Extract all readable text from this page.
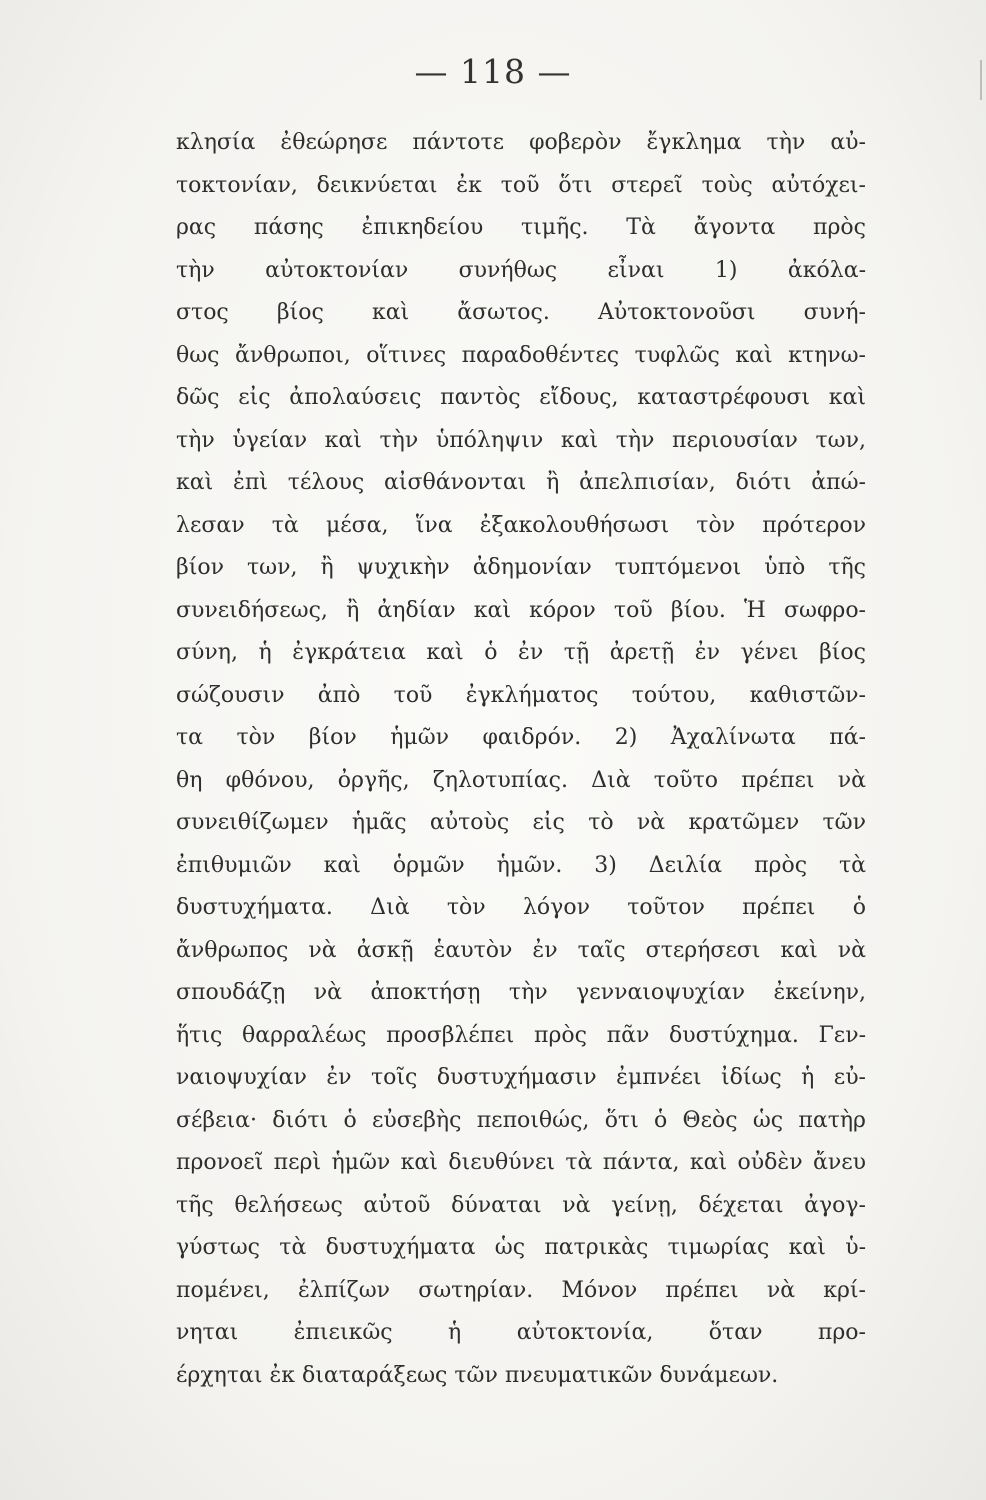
— 118 —
κλησία ἐθεώρησε πάντοτε φοβερὸν ἔγκλημα τὴν αὐ-
τοκτονίαν, δεικνύεται ἐκ τοῦ ὅτι στερεῖ τοὺς αὐτόχει-
ρας πάσης ἐπικηδείου τιμῆς. Τὰ ἄγοντα πρὸς
τὴν αὐτοκτονίαν συνήθως εἶναι 1) ἀκόλα-
στος βίος καὶ ἄσωτος. Αὐτοκτονοῦσι συνή-
θως ἄνθρωποι, οἵτινες παραδοθέντες τυφλῶς καὶ κτηνω-
δῶς εἰς ἀπολαύσεις παντὸς εἴδους, καταστρέφουσι καὶ
τὴν ὑγείαν καὶ τὴν ὑπόληψιν καὶ τὴν περιουσίαν των,
καὶ ἐπὶ τέλους αἰσθάνονται ἢ ἀπελπισίαν, διότι ἀπώ-
λεσαν τὰ μέσα, ἵνα ἐξακολουθήσωσι τὸν πρότερον
βίον των, ἢ ψυχικὴν ἀδημονίαν τυπτόμενοι ὑπὸ τῆς
συνειδήσεως, ἢ ἀηδίαν καὶ κόρον τοῦ βίου. Ἡ σωφρο-
σύνη, ἡ ἐγκράτεια καὶ ὁ ἐν τῇ ἀρετῇ ἐν γένει βίος
σώζουσιν ἀπὸ τοῦ ἐγκλήματος τούτου, καθιστῶν-
τα τὸν βίον ἡμῶν φαιδρόν. 2) Ἀχαλίνωτα πά-
θη φθόνου, ὀργῆς, ζηλοτυπίας. Διὰ τοῦτο πρέπει νὰ
συνειθίζωμεν ἡμᾶς αὐτοὺς εἰς τὸ νὰ κρατῶμεν τῶν
ἐπιθυμιῶν καὶ ὁρμῶν ἡμῶν. 3) Δειλία πρὸς τὰ
δυστυχήματα. Διὰ τὸν λόγον τοῦτον πρέπει ὁ
ἄνθρωπος νὰ ἀσκῇ ἑαυτὸν ἐν ταῖς στερήσεσι καὶ νὰ
σπουδάζῃ νὰ ἀποκτήσῃ τὴν γενναιοψυχίαν ἐκείνην,
ἥτις θαρραλέως προσβλέπει πρὸς πᾶν δυστύχημα. Γεν-
ναιοψυχίαν ἐν τοῖς δυστυχήμασιν ἐμπνέει ἰδίως ἡ εὐ-
σέβεια· διότι ὁ εὐσεβὴς πεποιθώς, ὅτι ὁ Θεὸς ὡς πατὴρ
προνοεῖ περὶ ἡμῶν καὶ διευθύνει τὰ πάντα, καὶ οὐδὲν ἄνευ
τῆς θελήσεως αὐτοῦ δύναται νὰ γείνῃ, δέχεται ἀγογ-
γύστως τὰ δυστυχήματα ὡς πατρικὰς τιμωρίας καὶ ὑ-
πομένει, ἐλπίζων σωτηρίαν. Μόνον πρέπει νὰ κρί-
νηται ἐπιεικῶς ἡ αὐτοκτονία, ὅταν προ-
έρχηται ἐκ διαταράξεως τῶν πνευματικῶν δυνάμεων.
